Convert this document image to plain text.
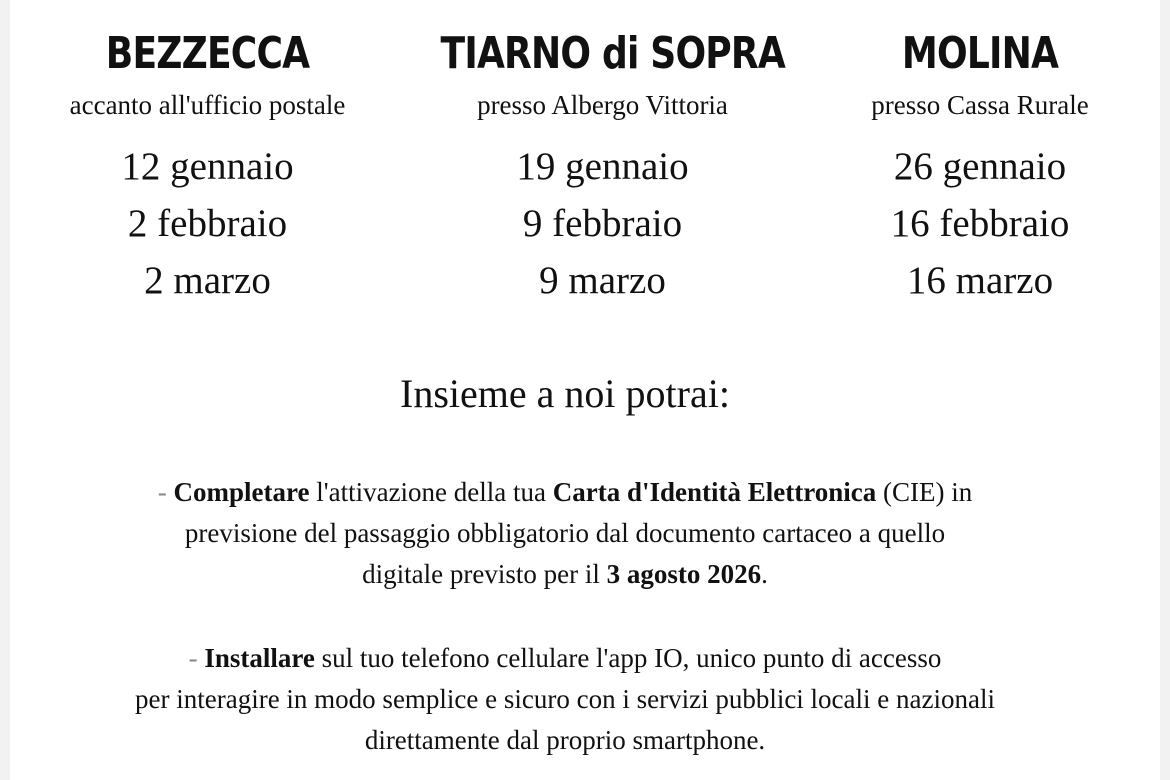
BEZZECCA
accanto all'ufficio postale
12 gennaio
2 febbraio
2 marzo
TIARNO di SOPRA
presso Albergo Vittoria
19 gennaio
9 febbraio
9 marzo
MOLINA
presso Cassa Rurale
26 gennaio
16 febbraio
16 marzo
Insieme a noi potrai:
- Completare l'attivazione della tua Carta d'Identità Elettronica (CIE) in
previsione del passaggio obbligatorio dal documento cartaceo a quello
digitale previsto per il 3 agosto 2026.
- Installare sul tuo telefono cellulare l'app IO, unico punto di accesso
per interagire in modo semplice e sicuro con i servizi pubblici locali e nazionali
direttamente dal proprio smartphone.
